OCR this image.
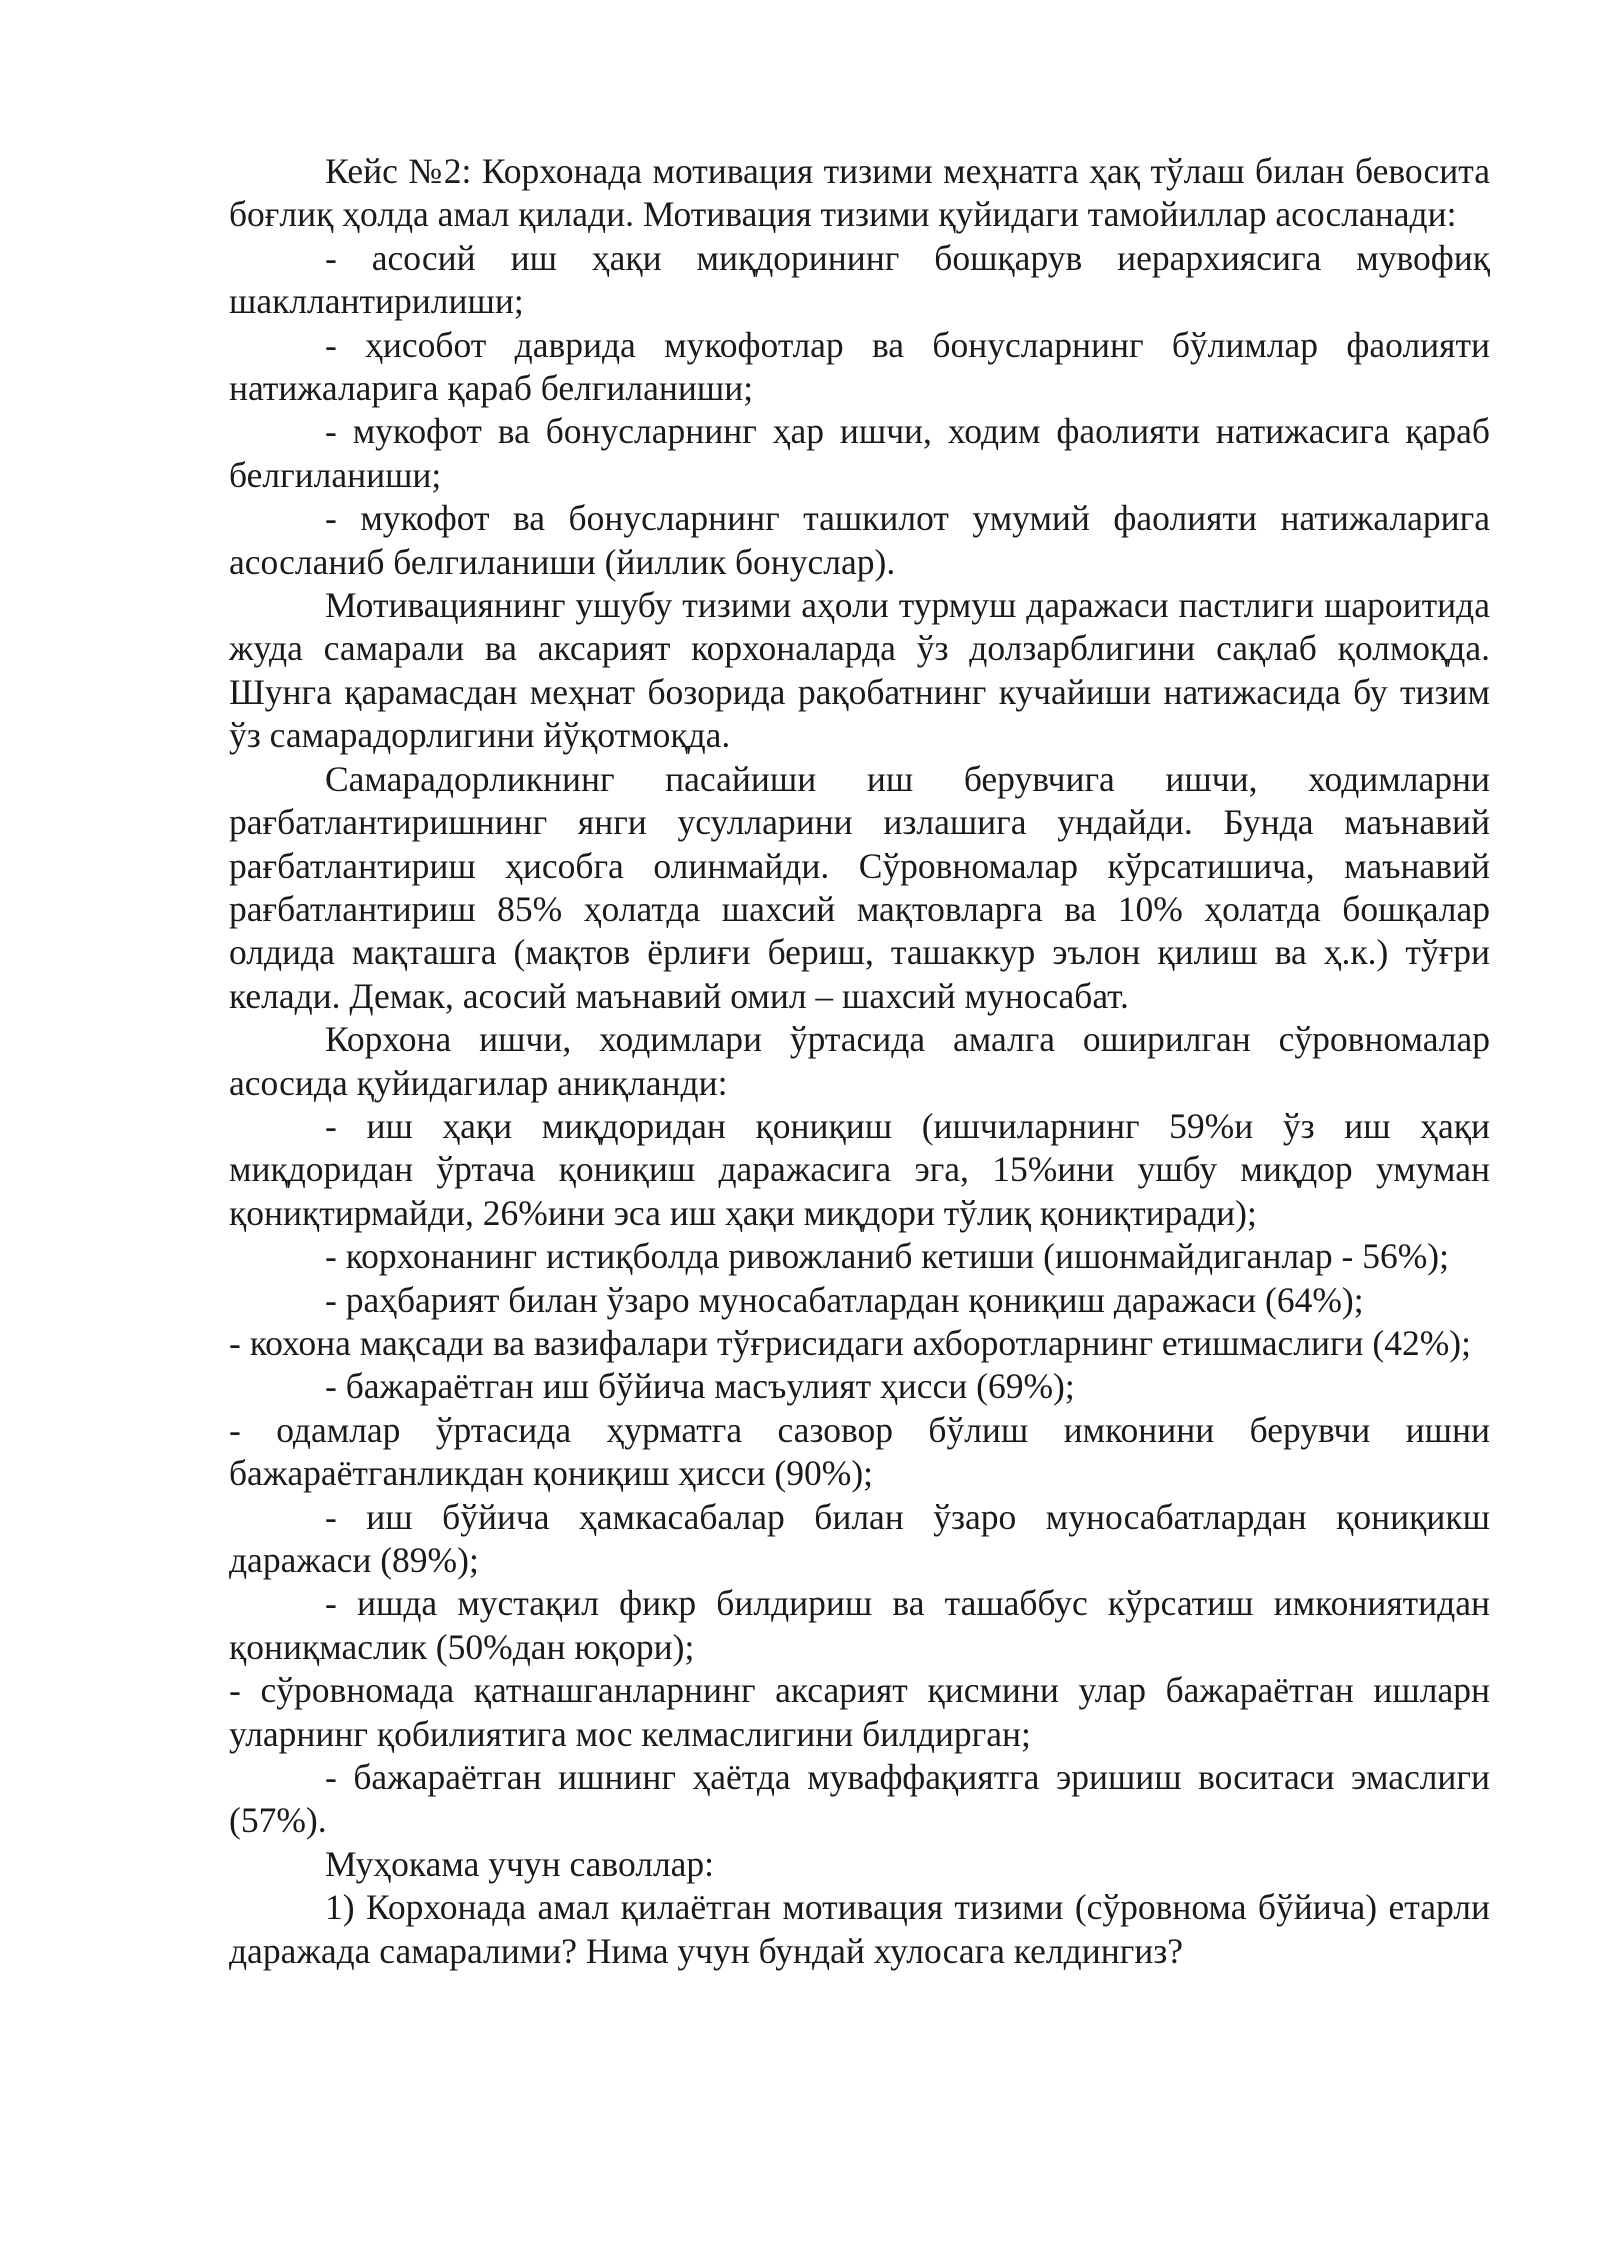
Кейс №2: Корхонада мотивация тизими меҳнатга ҳақ тўлаш билан бевосита боғлиқ ҳолда амал қилади. Мотивация тизими қуйидаги тамойиллар асосланади:

- асосий иш ҳақи миқдорининг бошқарув иерархиясига мувофиқ шакллантирилиши;

- ҳисобот даврида мукофотлар ва бонусларнинг бўлимлар фаолияти натижаларига қараб белгиланиши;

- мукофот ва бонусларнинг ҳар ишчи, ходим фаолияти натижасига қараб белгиланиши;

- мукофот ва бонусларнинг ташкилот умумий фаолияти натижаларига асосланиб белгиланиши (йиллик бонуслар).

Мотивациянинг ушубу тизими аҳоли турмуш даражаси пастлиги шароитида жуда самарали ва аксарият корхоналарда ўз долзарблигини сақлаб қолмоқда. Шунга қарамасдан меҳнат бозорида рақобатнинг кучайиши натижасида бу тизим ўз самарадорлигини йўқотмоқда.

Самарадорликнинг пасайиши иш берувчига ишчи, ходимларни рағбатлантиришнинг янги усулларини излашига ундайди. Бунда маънавий рағбатлантириш ҳисобга олинмайди. Сўровномалар кўрсатишича, маънавий рағбатлантириш 85% ҳолатда шахсий мақтовларга ва 10% ҳолатда бошқалар олдида мақташга (мақтов ёрлиғи бериш, ташаккур эълон қилиш ва ҳ.к.) тўғри келади. Демак, асосий маънавий омил – шахсий муносабат.

Корхона ишчи, ходимлари ўртасида амалга оширилган сўровномалар асосида қуйидагилар аниқланди:

- иш ҳақи миқдоридан қониқиш (ишчиларнинг 59%и ўз иш ҳақи миқдоридан ўртача қониқиш даражасига эга, 15%ини ушбу миқдор умуман қониқтирмайди, 26%ини эса иш ҳақи миқдори тўлиқ қониқтиради);

- корхонанинг истиқболда ривожланиб кетиши (ишонмайдиганлар - 56%);

- раҳбарият билан ўзаро муносабатлардан қониқиш даражаси (64%);

- кохона мақсади ва вазифалари тўғрисидаги ахборотларнинг етишмаслиги (42%);

- бажараётган иш бўйича масъулият ҳисси (69%);

- одамлар ўртасида ҳурматга сазовор бўлиш имконини берувчи ишни бажараётганликдан қониқиш ҳисси (90%);

- иш бўйича ҳамкасабалар билан ўзаро муносабатлардан қониқикш даражаси (89%);

- ишда мустақил фикр билдириш ва ташаббус кўрсатиш имкониятидан қониқмаслик (50%дан юқори);

- сўровномада қатнашганларнинг аксарият қисмини улар бажараётган ишларн уларнинг қобилиятига мос келмаслигини билдирган;

- бажараётган ишнинг ҳаётда муваффақиятга эришиш воситаси эмаслиги (57%).

Муҳокама учун саволлар:

1) Корхонада амал қилаётган мотивация тизими (сўровнома бўйича) етарли даражада самаралими? Нима учун бундай хулосага келдингиз?
